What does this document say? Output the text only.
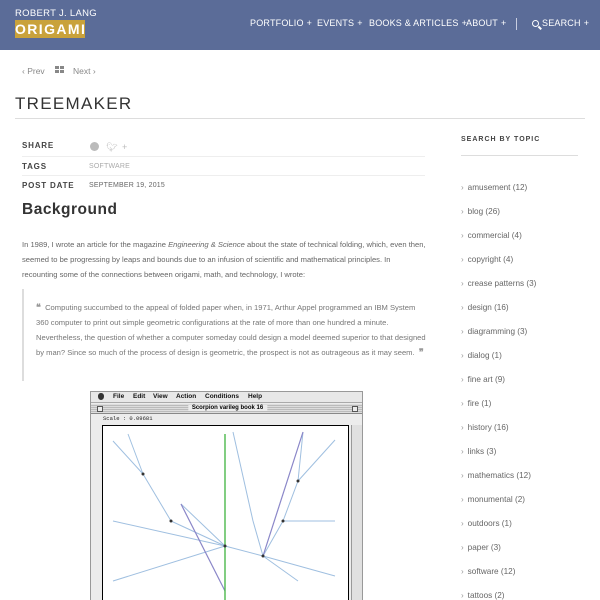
ROBERT J. LANG
ORIGAMI	PORTFOLIO + EVENTS + BOOKS & ARTICLES +
ABOUT +	SEARCH +
‹ Prev	Next ›
TREEMAKER
SHARE	f	🐦︎ +
TAGS	SOFTWARE
POST DATE SEPTEMBER 19, 2015
Background

In 1989, I wrote an article for the magazine Engineering & Science about the state of technical folding, which, even then, seemed to be progressing by leaps and bounds due to an infusion of scientific and mathematical principles. In recounting some of the connections between origami, math, and technology, I wrote:

❝ Computing succumbed to the appeal of folded paper when, in 1971, Arthur Appel programmed an IBM System 360 computer to print out simple geometric configurations at the rate of more than one hundred a minute. Nevertheless, the question of whether a computer someday could design a model deemed superior to that designed by man? Since so much of the process of design is geometric, the prospect is not as outrageous as it may seem. ❞
File Edit View Action Conditions Help
Scorpion varileg book 16
Scale : 0.09681
SEARCH BY TOPIC
› amusement (12)
› blog (26)
› commercial (4)
› copyright (4)
› crease patterns (3)
› design (16)
› diagramming (3)
› dialog (1)
› fine art (9)
› fire (1)
› history (16)
› links (3)
› mathematics (12)
› monumental (2)
› outdoors (1)
› paper (3)
› software (12)
› tattoos (2)
